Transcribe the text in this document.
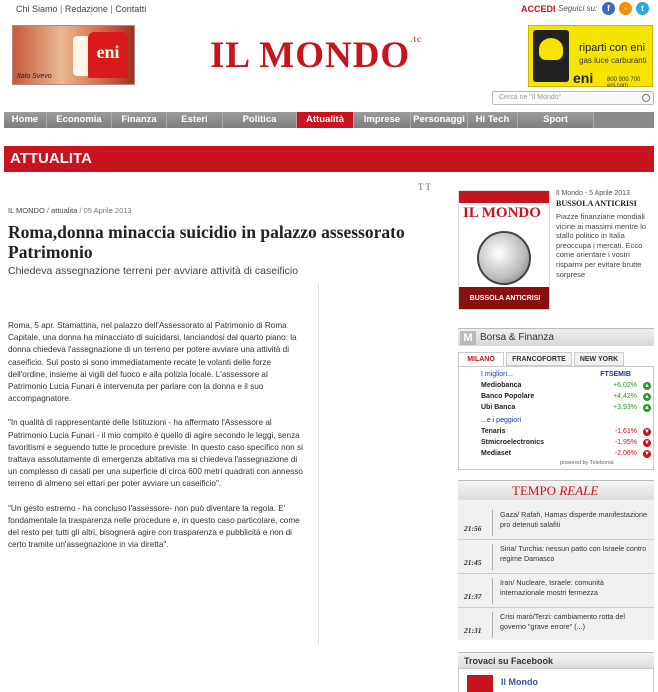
Chi Siamo | Redazione | Contatti	ACCEDI Seguici su:	f	◦	t
eni
Italo Svevo
IL $MONDO^{.tc}$
riparti con eni
gas luce carburanti
eni 800 900 700 eni.com
Cerca ne "Il Mondo"
Home	Economia	Finanza	Esteri	Politica	Attualità	Imprese	Personaggi	Hi Tech	Sport
ATTUALITA
T T
IL MONDO / attualita / 05 Aprile 2013
Roma,donna minaccia suicidio in palazzo assessorato Patrimonio
Chiedeva assegnazione terreni per avviare attività di caseificio

Roma, 5 apr. Stamattina, nel palazzo dell'Assessorato al Patrimonio di Roma Capitale, una donna ha minacciato di suicidarsi, lanciandosi dal quarto piano: la donna chiedeva l'assegnazione di un terreno per potere avviare una attività di caseificio. Sul posto si sono immediatamente recate le volanti delle forze dell'ordine, insieme ai vigili del fuoco e alla polizia locale. L'assessore al Patrimonio Lucia Funari è intervenuta per parlare con la donna e il suo accompagnatore.

"In qualità di rappresentante delle Istituzioni - ha affermato l'Assessore al Patrimonio Lucia Funari - il mio compito è quello di agire secondo le leggi, senza favoritismi e seguendo tutte le procedure previste. In questo caso specifico non si trattava assolutamente di emergenza abitativa ma si chiedeva l'assegnazione di un complesso di casali per una superficie di circa 600 metri quadrati con annesso terreno di almeno sei ettari per poter avviare un caseificio".

"Un gesto estremo - ha concluso l'assessore- non può diventare la regola. E' fondamentale la trasparenza nelle procedure e, in questo caso particolare, come del resto per tutti gli altri, bisognerà agire con trasparenza e pubblicità e non di certo tramite un'assegnazione in via diretta".

IL MONDO
BUSSOLA ANTICRISI
Il Mondo - 5 Aprile 2013
BUSSOLA ANTICRISI
Piazze finanziarie mondiali vicine ai massimi mentre lo stallo politico in Italia preoccupa i mercati. Ecco come orientare i vostri risparmi per evitare brutte sorprese
M Borsa & Finanza
MILANO	FRANCOFORTE	NEW YORK
I migliori...	FTSEMIB
Mediobanca	+6,02% ▲
Banco Popolare	+4,42% ▲
Ubi Banca	+3,93% ▲
...e i peggiori
Tenaris	-1,61% ▼
Stmicroelectronics	-1,95% ▼
Mediaset	-2,06% ▼
powered by Teleborsà
TEMPO REALE
21:56
Gaza/ Rafah, Hamas disperde manifestazione pro detenuti salafiti
21:45
Siria/ Turchia: nessun patto con Israele contro regime Damasco
21:37
Iran/ Nucleare, Israele: comunità internazionale mostri fermezza
21:31
Crisi marò/Terzi: cambiamento rotta del governo "grave errore" (...)
Trovaci su Facebook
Il Mondo
